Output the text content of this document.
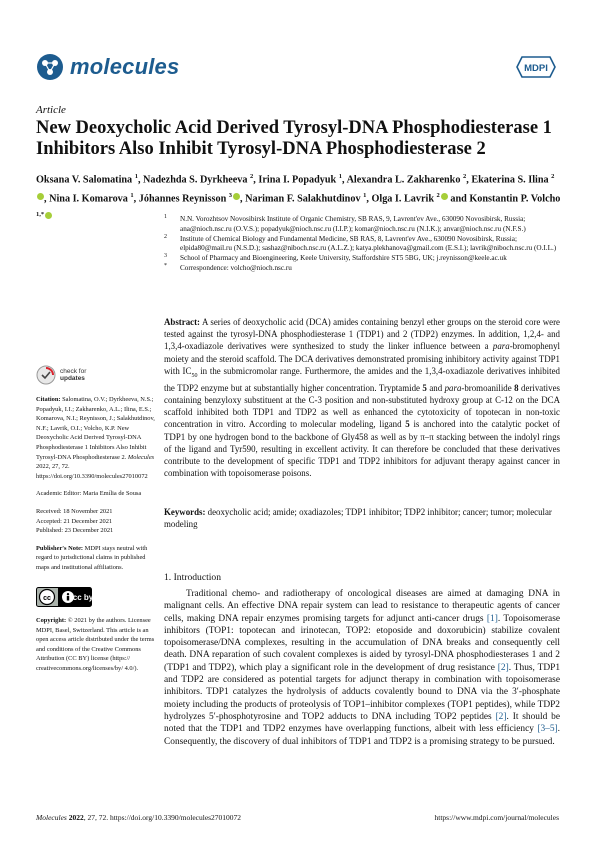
molecules	MDPI
Article
New Deoxycholic Acid Derived Tyrosyl-DNA Phosphodiesterase 1 Inhibitors Also Inhibit Tyrosyl-DNA Phosphodiesterase 2
Oksana V. Salomatina $^1$, Nadezhda S. Dyrkheeva $^2$, Irina I. Popadyuk $^1$, Alexandra L. Zakharenko $^2$, Ekaterina S. Ilina $^2$, Nina I. Komarova $^1$, Jóhannes Reynisson $^3$ , Nariman F. Salakhutdinov $^1$, Olga I. Lavrik $^2$ and Konstantin P. Volcho $^{1,*}$	1 N.N. Vorozhtsov Novosibirsk Institute of Organic Chemistry, SB RAS, 9, Lavrent'ev Ave., 630090 Novosibirsk, Russia; ana@nioch.nsc.ru (O.V.S.); popadyuk@nioch.nsc.ru (I.I.P.); komar@nioch.nsc.ru (N.I.K.); anvar@nioch.nsc.ru (N.F.S.)
2 Institute of Chemical Biology and Fundamental Medicine, SB RAS, 8, Lavrent'ev Ave., 630090 Novosibirsk, Russia; elpida80@mail.ru (N.S.D.); sashaz@niboch.nsc.ru (A.L.Z.); katya.plekhanova@gmail.com (E.S.I.); lavrik@niboch.nsc.ru (O.I.L.)
3 School of Pharmacy and Bioengineering, Keele University, Staffordshire ST5 5BG, UK; j.reynisson@keele.ac.uk
* Correspondence: volcho@nioch.nsc.ru
check for
updates
Citation: Salomatina, O.V.; Dyrkheeva, N.S.; Popadyuk, I.I.; Zakharenko, A.L.; Ilina, E.S.; Komarova, N.I.; Reynisson, J.; Salakhutdinov, N.F.; Lavrik, O.I.; Volcho, K.P. New Deoxycholic Acid Derived Tyrosyl-DNA Phosphodiesterase 1 Inhibitors Also Inhibit Tyrosyl-DNA Phosphodiesterase 2. Molecules 2022, 27, 72. https://doi.org/10.3390/molecules27010072
Academic Editor: Maria Emília de Sousa
Received: 18 November 2021
Accepted: 21 December 2021
Published: 23 December 2021
Publisher's Note: MDPI stays neutral with regard to jurisdictional claims in published maps and institutional affiliations.
cc	cc by
Copyright: © 2021 by the authors. Licensee MDPI, Basel, Switzerland. This article is an open access article distributed under the terms and conditions of the Creative Commons Attribution (CC BY) license (https:// creativecommons.org/licenses/by/ 4.0/).
Abstract: A series of deoxycholic acid (DCA) amides containing benzyl ether groups on the steroid core were tested against the tyrosyl-DNA phosphodiesterase 1 (TDP1) and 2 (TDP2) enzymes. In addition, 1,2,4- and 1,3,4-oxadiazole derivatives were synthesized to study the linker influence between a para-bromophenyl moiety and the steroid scaffold. The DCA derivatives demonstrated promising inhibitory activity against TDP1 with $IC_{50}$ in the submicromolar range. Furthermore, the amides and the 1,3,4-oxadiazole derivatives inhibited the TDP2 enzyme but at substantially higher concentration. Tryptamide 5 and para-bromoanilide 8 derivatives containing benzyloxy substituent at the C-3 position and non-substituted hydroxy group at C-12 on the DCA scaffold inhibited both TDP1 and TDP2 as well as enhanced the cytotoxicity of topotecan in non-toxic concentration in vitro. According to molecular modeling, ligand 5 is anchored into the catalytic pocket of TDP1 by one hydrogen bond to the backbone of Gly458 as well as by π–π stacking between the indolyl rings of the ligand and Tyr590, resulting in excellent activity. It can therefore be concluded that these derivatives contribute to the development of specific TDP1 and TDP2 inhibitors for adjuvant therapy against cancer in combination with topoisomerase poisons.
Keywords: deoxycholic acid; amide; oxadiazoles; TDP1 inhibitor; TDP2 inhibitor; cancer; tumor; molecular modeling
1. Introduction
Traditional chemo- and radiotherapy of oncological diseases are aimed at damaging DNA in malignant cells. An effective DNA repair system can lead to resistance to therapeutic agents of cancer cells, making DNA repair enzymes promising targets for adjunct anti-cancer drugs [1]. Topoisomerase inhibitors (TOP1: topotecan and irinotecan, TOP2: etoposide and doxorubicin) stabilize covalent topoisomerase/DNA complexes, resulting in the accumulation of DNA breaks and consequently cell death. DNA reparation of such covalent complexes is aided by tyrosyl-DNA phosphodiesterases 1 and 2 (TDP1 and TDP2), which play a significant role in the development of drug resistance [2]. Thus, TDP1 and TDP2 are considered as potential targets for adjunct therapy in combination with topoisomerase inhibitors. TDP1 catalyzes the hydrolysis of adducts covalently bound to DNA via the 3′-phosphate moiety including the products of proteolysis of TOP1–inhibitor complexes (TOP1 peptides), while TDP2 hydrolyzes 5′-phosphotyrosine and TOP2 adducts to DNA including TOP2 peptides [2]. It should be noted that the TDP1 and TDP2 enzymes have overlapping functions, albeit with less efficiency [3–5]. Consequently, the discovery of dual inhibitors of TDP1 and TDP2 is a promising strategy to be pursued.
Molecules 2022, 27, 72. https://doi.org/10.3390/molecules27010072	https://www.mdpi.com/journal/molecules
